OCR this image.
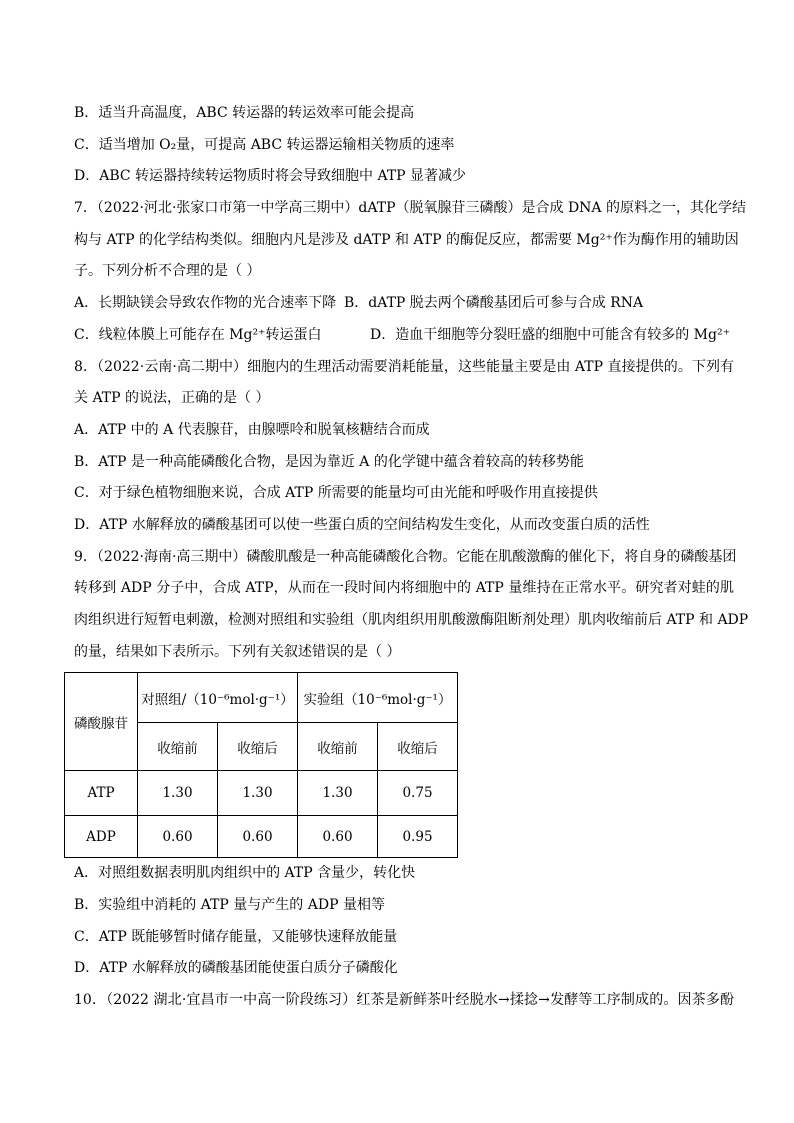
B．适当升高温度，ABC 转运器的转运效率可能会提高
C．适当增加 O₂量，可提高 ABC 转运器运输相关物质的速率
D．ABC 转运器持续转运物质时将会导致细胞中 ATP 显著减少
7．（2022·河北·张家口市第一中学高三期中）dATP（脱氧腺苷三磷酸）是合成 DNA 的原料之一，其化学结
构与 ATP 的化学结构类似。细胞内凡是涉及 dATP 和 ATP 的酶促反应，都需要 Mg²⁺作为酶作用的辅助因
子。下列分析不合理的是（ ）
A．长期缺镁会导致农作物的光合速率下降 B．dATP 脱去两个磷酸基团后可参与合成 RNA
C．线粒体膜上可能存在 Mg²⁺转运蛋白	D．造血干细胞等分裂旺盛的细胞中可能含有较多的 Mg²⁺
8．（2022·云南·高二期中）细胞内的生理活动需要消耗能量，这些能量主要是由 ATP 直接提供的。下列有
关 ATP 的说法，正确的是（ ）
A．ATP 中的 A 代表腺苷，由腺嘌呤和脱氧核糖结合而成
B．ATP 是一种高能磷酸化合物，是因为靠近 A 的化学键中蕴含着较高的转移势能
C．对于绿色植物细胞来说，合成 ATP 所需要的能量均可由光能和呼吸作用直接提供
D．ATP 水解释放的磷酸基团可以使一些蛋白质的空间结构发生变化，从而改变蛋白质的活性
9．（2022·海南·高三期中）磷酸肌酸是一种高能磷酸化合物。它能在肌酸激酶的催化下，将自身的磷酸基团
转移到 ADP 分子中，合成 ATP，从而在一段时间内将细胞中的 ATP 量维持在正常水平。研究者对蛙的肌
肉组织进行短暂电刺激，检测对照组和实验组（肌肉组织用肌酸激酶阻断剂处理）肌肉收缩前后 ATP 和 ADP
的量，结果如下表所示。下列有关叙述错误的是（ ）
磷酸腺苷	对照组/（10⁻⁶mol·g⁻¹）		实验组（10⁻⁶mol·g⁻¹）	
	收缩前	收缩后	收缩前	收缩后
ATP	1.30	1.30	1.30	0.75
ADP	0.60	0.60	0.60	0.95
A．对照组数据表明肌肉组织中的 ATP 含量少，转化快
B．实验组中消耗的 ATP 量与产生的 ADP 量相等
C．ATP 既能够暂时储存能量，又能够快速释放能量
D．ATP 水解释放的磷酸基团能使蛋白质分子磷酸化
10．（2022 湖北·宜昌市一中高一阶段练习）红茶是新鲜茶叶经脱水→揉捻→发酵等工序制成的。因茶多酚
